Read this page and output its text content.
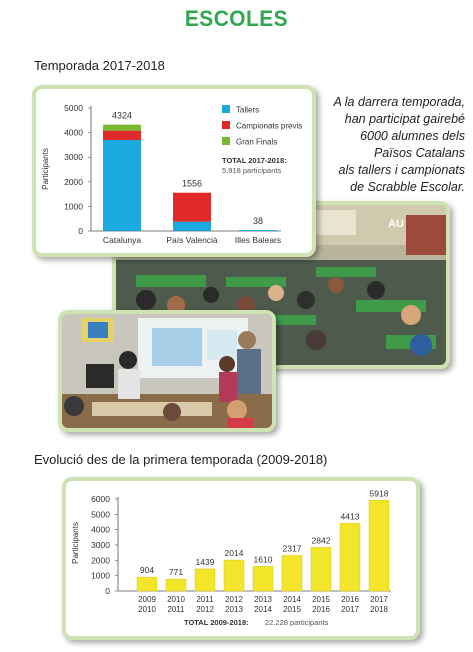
ESCOLES
Temporada 2017-2018
AU
0
1000
2000
3000
4000
5000
Participants
4324
Catalunya
1556
País Valencià
38
Illes Balears
Tallers
Campionats previs
Gran Finals
TOTAL 2017-2018:
5.918 participants
A la darrera temporada,
han participat gairebé
6000 alumnes dels
Països Catalans
als tallers i campionats
de Scrabble Escolar.
Evolució des de la primera temporada (2009-2018)
0
1000
2000
3000
4000
5000
6000
Participants
904
2009
2010
771
2010
2011
1439
2011
2012
2014
2012
2013
1610
2013
2014
2317
2014
2015
2842
2015
2016
4413
2016
2017
5918
2017
2018
TOTAL 2009-2018: 22.228 participants
